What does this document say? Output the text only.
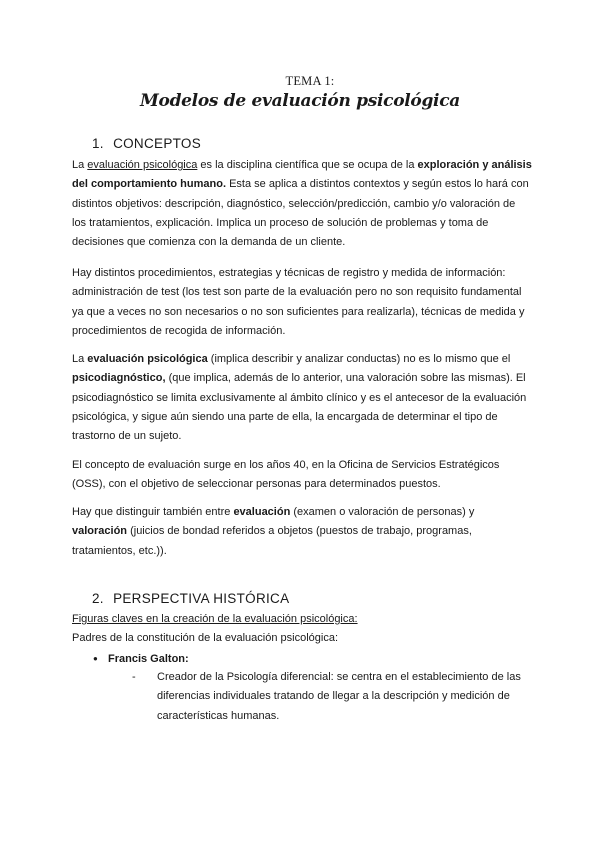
TEMA 1:
Modelos de evaluación psicológica
1. CONCEPTOS

La evaluación psicológica es la disciplina científica que se ocupa de la exploración y análisis del comportamiento humano. Esta se aplica a distintos contextos y según estos lo hará con distintos objetivos: descripción, diagnóstico, selección/predicción, cambio y/o valoración de los tratamientos, explicación. Implica un proceso de solución de problemas y toma de decisiones que comienza con la demanda de un cliente.

Hay distintos procedimientos, estrategias y técnicas de registro y medida de información: administración de test (los test son parte de la evaluación pero no son requisito fundamental ya que a veces no son necesarios o no son suficientes para realizarla), técnicas de medida y procedimientos de recogida de información.

La evaluación psicológica (implica describir y analizar conductas) no es lo mismo que el psicodiagnóstico, (que implica, además de lo anterior, una valoración sobre las mismas). El psicodiagnóstico se limita exclusivamente al ámbito clínico y es el antecesor de la evaluación psicológica, y sigue aún siendo una parte de ella, la encargada de determinar el tipo de trastorno de un sujeto.

El concepto de evaluación surge en los años 40, en la Oficina de Servicios Estratégicos (OSS), con el objetivo de seleccionar personas para determinados puestos.

Hay que distinguir también entre evaluación (examen o valoración de personas) y valoración (juicios de bondad referidos a objetos (puestos de trabajo, programas, tratamientos, etc.)).

2. PERSPECTIVA HISTÓRICA
Figuras claves en la creación de la evaluación psicológica:
Padres de la constitución de la evaluación psicológica:
● Francis Galton:
- Creador de la Psicología diferencial: se centra en el establecimiento de las diferencias individuales tratando de llegar a la descripción y medición de características humanas.
